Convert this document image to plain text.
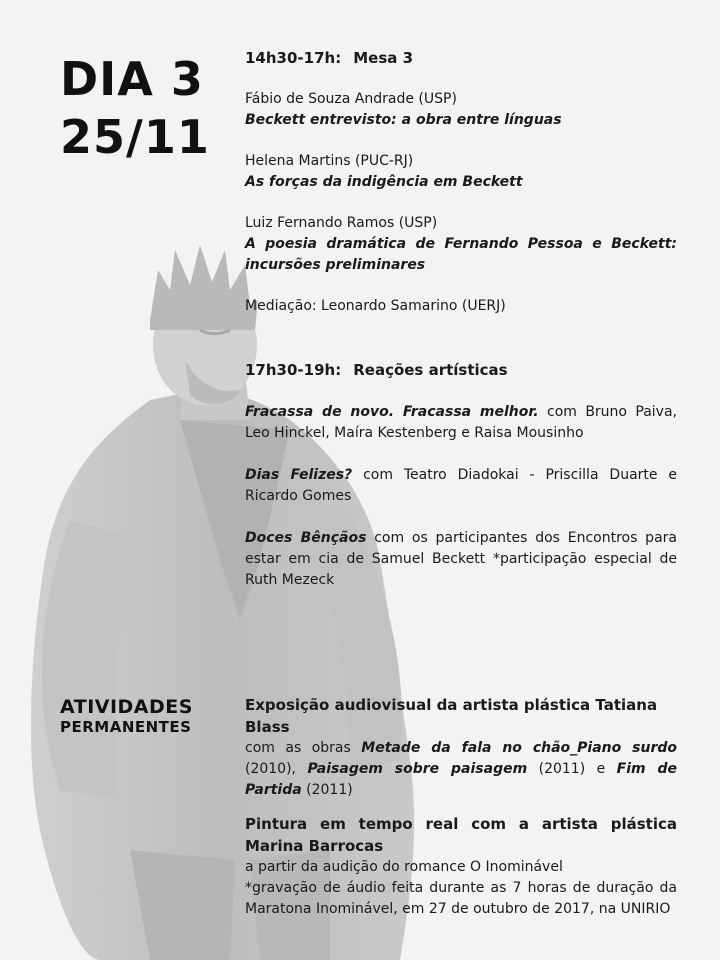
DIA 3
25/11

14h30-17h: Mesa 3

Fábio de Souza Andrade (USP)
Beckett entrevisto: a obra entre línguas
Helena Martins (PUC-RJ)
As forças da indigência em Beckett
Luiz Fernando Ramos (USP)
A poesia dramática de Fernando Pessoa e Beckett: incursões preliminares
Mediação: Leonardo Samarino (UERJ)

17h30-19h: Reações artísticas

Fracassa de novo. Fracassa melhor. com Bruno Paiva, Leo Hinckel, Maíra Kestenberg e Raisa Mousinho
Dias Felizes? com Teatro Diadokai - Priscilla Duarte e Ricardo Gomes
Doces Bênçãos com os participantes dos Encontros para estar em cia de Samuel Beckett *participação especial de Ruth Mezeck
ATIVIDADES
PERMANENTES
Exposição audiovisual da artista plástica Tatiana Blass
com as obras Metade da fala no chão_Piano surdo (2010), Paisagem sobre paisagem (2011) e Fim de Partida (2011)
Pintura em tempo real com a artista plástica Marina Barrocas
a partir da audição do romance O Inominável
*gravação de áudio feita durante as 7 horas de duração da Maratona Inominável, em 27 de outubro de 2017, na UNIRIO
